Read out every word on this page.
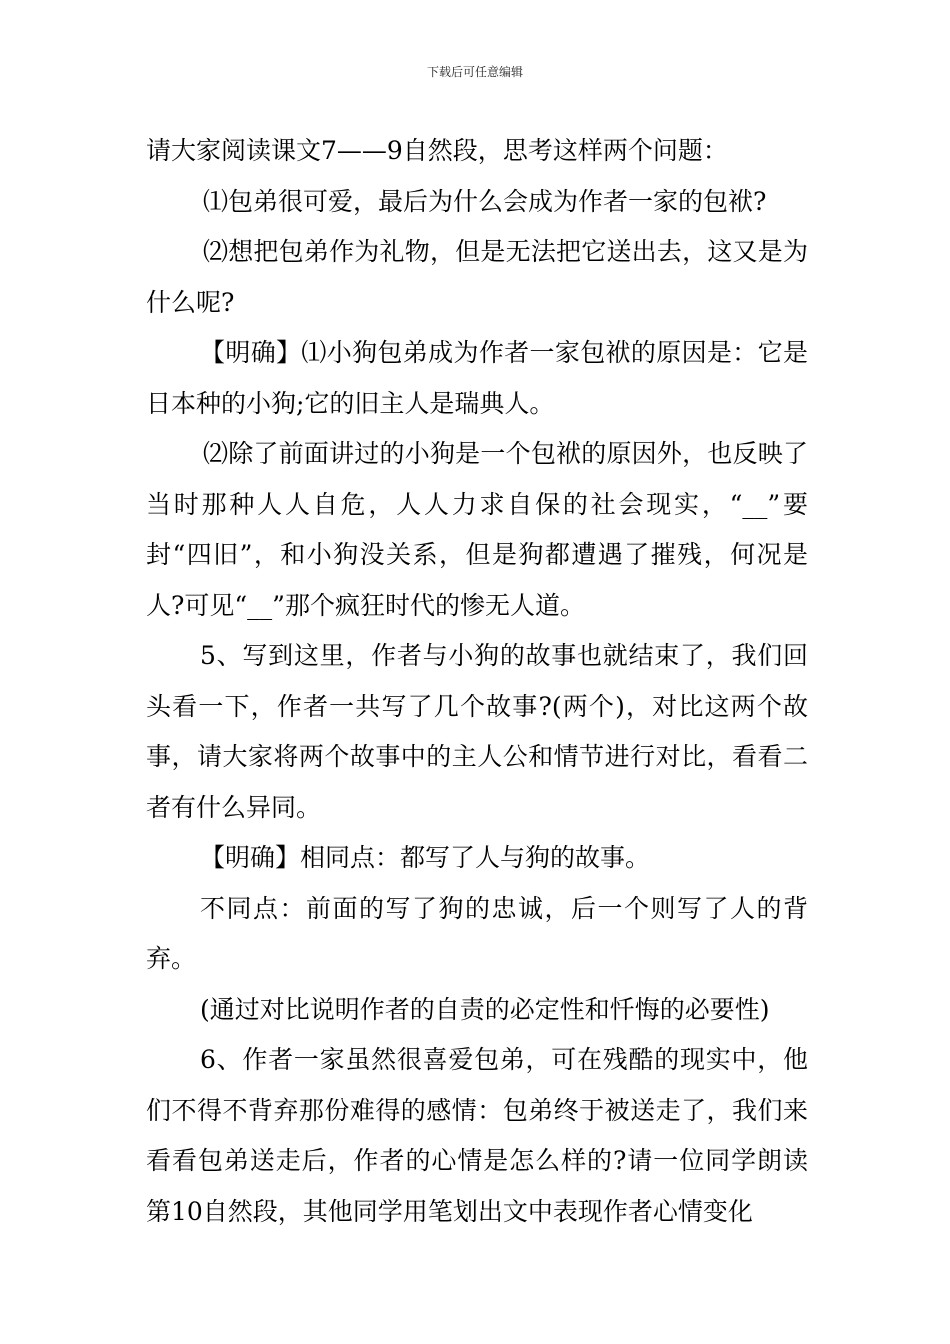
下载后可任意编辑

请大家阅读课文7——9自然段，思考这样两个问题：

⑴包弟很可爱，最后为什么会成为作者一家的包袱?

⑵想把包弟作为礼物，但是无法把它送出去，这又是为什么呢?

【明确】⑴小狗包弟成为作者一家包袱的原因是：它是日本种的小狗;它的旧主人是瑞典人。

⑵除了前面讲过的小狗是一个包袱的原因外，也反映了当时那种人人自危，人人力求自保的社会现实，“__”要封“四旧”，和小狗没关系，但是狗都遭遇了摧残，何况是人?可见“__”那个疯狂时代的惨无人道。

5、写到这里，作者与小狗的故事也就结束了，我们回头看一下，作者一共写了几个故事?(两个)，对比这两个故事，请大家将两个故事中的主人公和情节进行对比，看看二者有什么异同。

【明确】相同点：都写了人与狗的故事。

不同点：前面的写了狗的忠诚，后一个则写了人的背弃。

(通过对比说明作者的自责的必定性和忏悔的必要性)

6、作者一家虽然很喜爱包弟，可在残酷的现实中，他们不得不背弃那份难得的感情：包弟终于被送走了，我们来看看包弟送走后，作者的心情是怎么样的?请一位同学朗读第10自然段，其他同学用笔划出文中表现作者心情变化
